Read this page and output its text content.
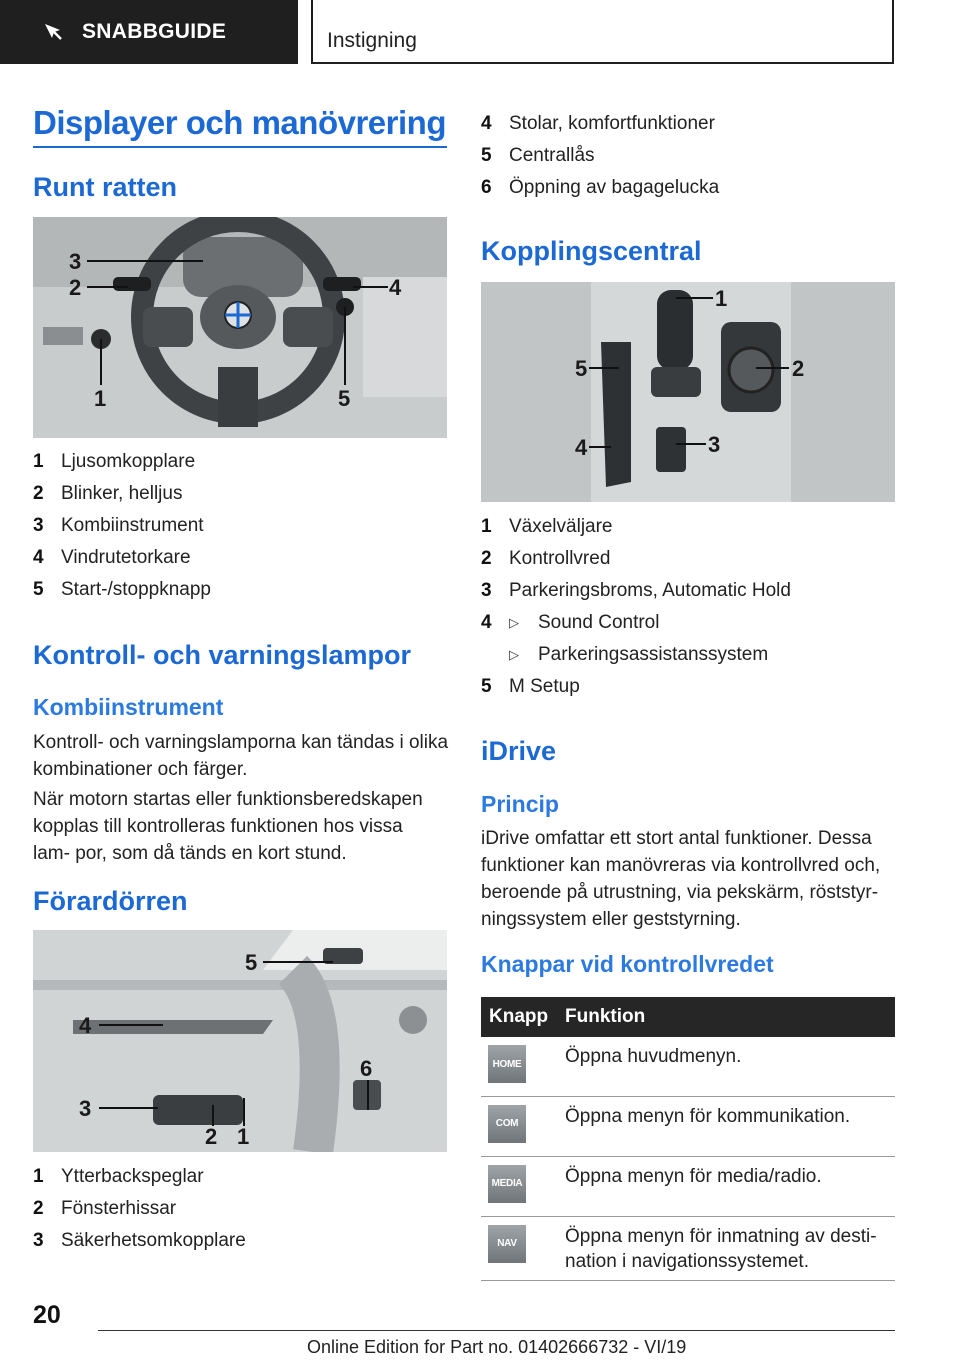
SNABBGUIDE	Instigning
Displayer och manövrering
Runt ratten
3
2	4
1	5
1 Ljusomkopplare
2 Blinker, helljus
3 Kombiinstrument
4 Vindrutetorkare
5 Start-/stoppknapp
Kontroll- och varningslampor
Kombiinstrument
Kontroll- och varningslamporna kan tändas i olika kombinationer och färger.
När motorn startas eller funktionsberedskapen kopplas till kontrolleras funktionen hos vissa lam‐ por, som då tänds en kort stund.
Förardörren
5
4
6
3
2 1
1 Ytterbackspeglar
2 Fönsterhissar
3 Säkerhetsomkopplare
4 Stolar, komfortfunktioner
5 Centrallås
6 Öppning av bagagelucka
Kopplingscentral
1
5	2
4	3
1 Växelväljare
2 Kontrollvred
3 Parkeringsbroms, Automatic Hold
4 ▷ Sound Control
▷ Parkeringsassistanssystem
5 M Setup
iDrive
Princip
iDrive omfattar ett stort antal funktioner. Dessa funktioner kan manövreras via kontrollvred och, beroende på utrustning, via pekskärm, röststyr‐ ningssystem eller geststyrning.
Knappar vid kontrollvredet
Knapp	Funktion

HOME	Öppna huvudmenyn.

COM	Öppna menyn för kommunikation.

MEDIA	Öppna menyn för media/radio.

NAV	Öppna menyn för inmatning av desti‐ nation i navigationssystemet.
20
Online Edition for Part no. 01402666732 - VI/19
